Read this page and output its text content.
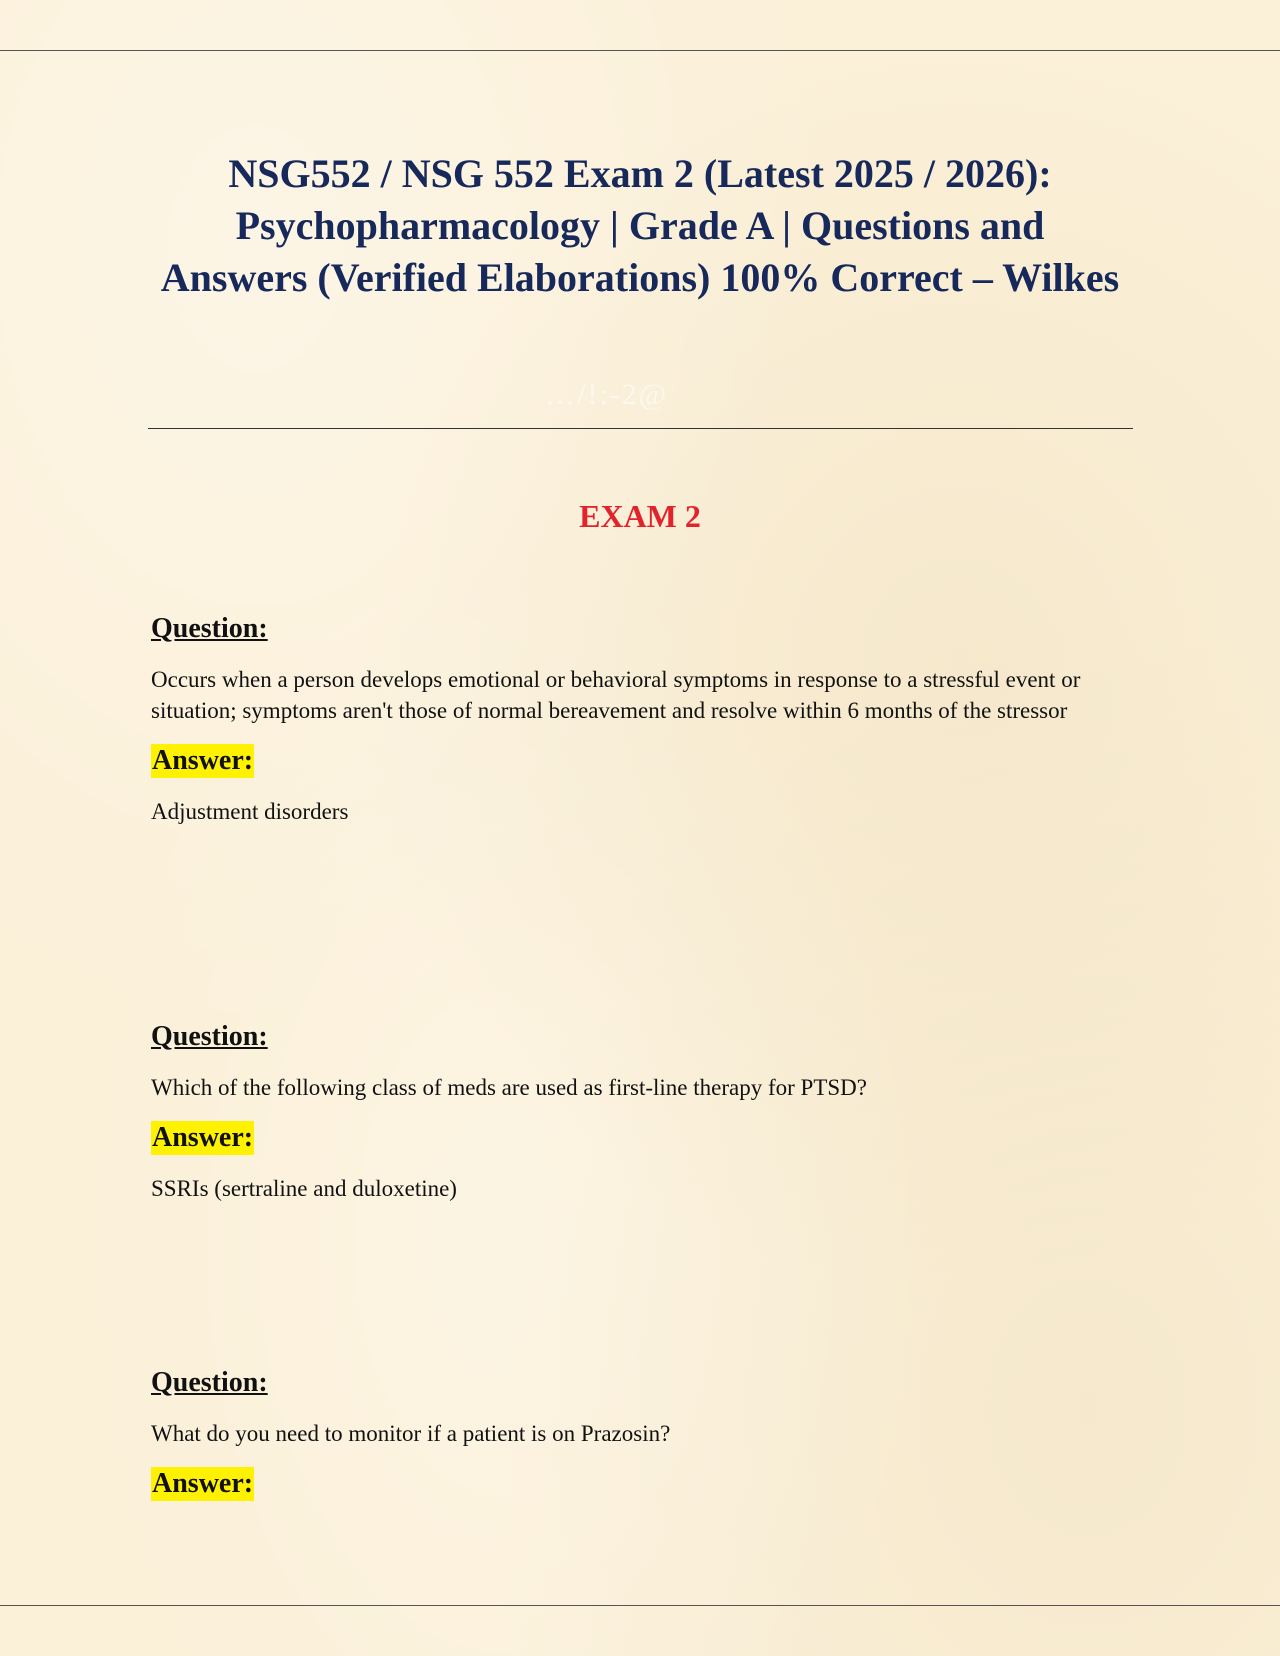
NSG552 / NSG 552 Exam 2 (Latest 2025 / 2026): Psychopharmacology | Grade A | Questions and Answers (Verified Elaborations) 100% Correct – Wilkes
…/!:-2@
EXAM 2
Question:

Occurs when a person develops emotional or behavioral symptoms in response to a stressful event or situation; symptoms aren't those of normal bereavement and resolve within 6 months of the stressor

Answer:

Adjustment disorders

Question:

Which of the following class of meds are used as first-line therapy for PTSD?

Answer:

SSRIs (sertraline and duloxetine)

Question:

What do you need to monitor if a patient is on Prazosin?

Answer:
